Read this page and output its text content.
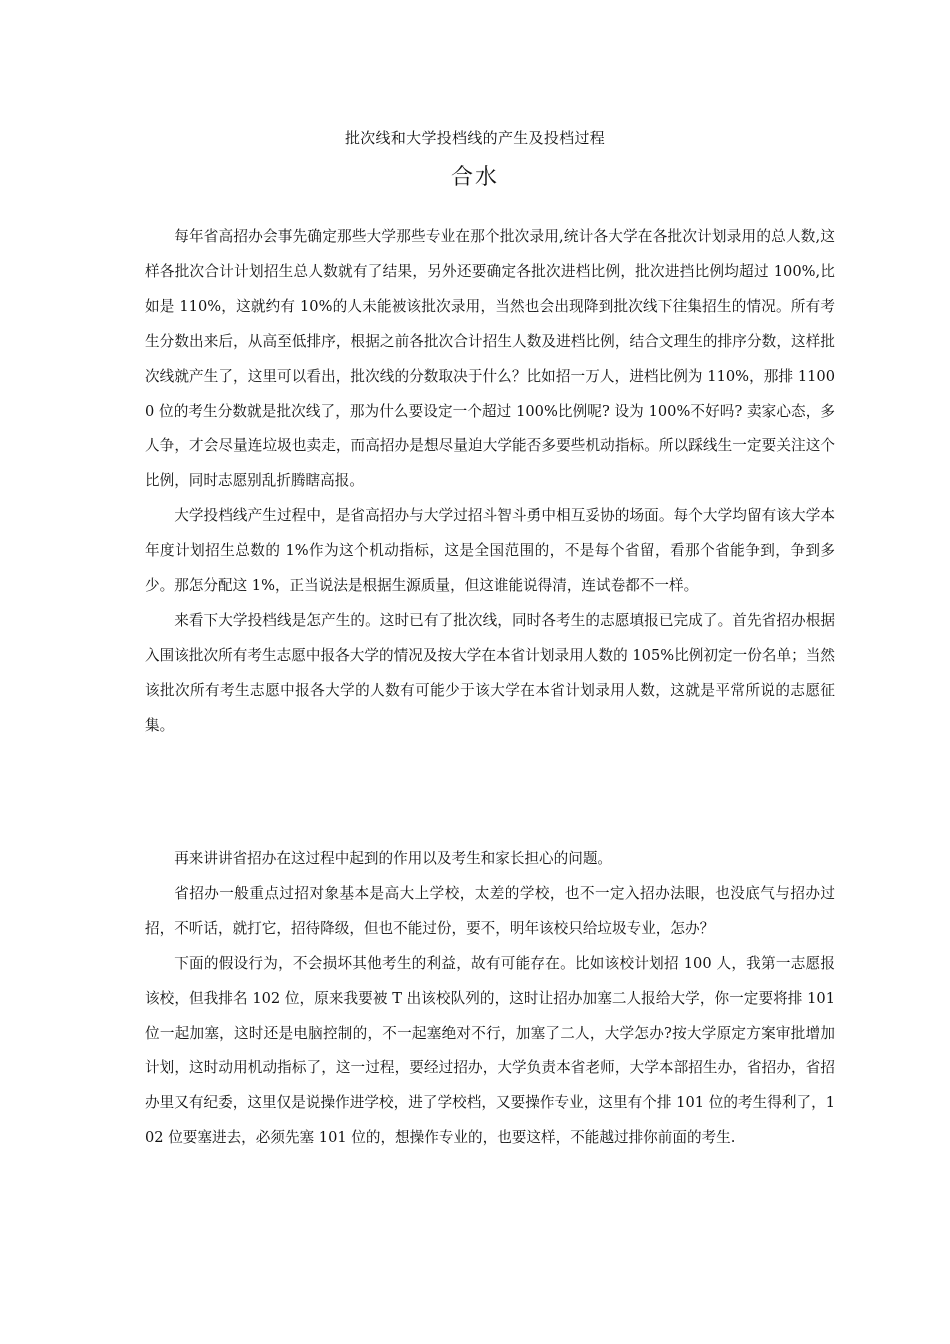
批次线和大学投档线的产生及投档过程
合水

每年省高招办会事先确定那些大学那些专业在那个批次录用,统计各大学在各批次计划录用的总人数,这样各批次合计计划招生总人数就有了结果，另外还要确定各批次进档比例，批次进挡比例均超过 100%,比如是 110%，这就约有 10%的人未能被该批次录用，当然也会出现降到批次线下往集招生的情况。所有考生分数出来后，从高至低排序，根据之前各批次合计招生人数及进档比例，结合文理生的排序分数，这样批次线就产生了，这里可以看出，批次线的分数取决于什么？比如招一万人，进档比例为 110%，那排 11000 位的考生分数就是批次线了，那为什么要设定一个超过 100%比例呢? 设为 100%不好吗? 卖家心态，多人争，才会尽量连垃圾也卖走，而高招办是想尽量迫大学能否多要些机动指标。所以踩线生一定要关注这个比例，同时志愿别乱折腾瞎高报。

大学投档线产生过程中，是省高招办与大学过招斗智斗勇中相互妥协的场面。每个大学均留有该大学本年度计划招生总数的 1%作为这个机动指标，这是全国范围的，不是每个省留，看那个省能争到，争到多少。那怎分配这 1%，正当说法是根据生源质量，但这谁能说得清，连试卷都不一样。

来看下大学投档线是怎产生的。这时已有了批次线，同时各考生的志愿填报已完成了。首先省招办根据入围该批次所有考生志愿中报各大学的情况及按大学在本省计划录用人数的 105%比例初定一份名单；当然该批次所有考生志愿中报各大学的人数有可能少于该大学在本省计划录用人数，这就是平常所说的志愿征集。

再来讲讲省招办在这过程中起到的作用以及考生和家长担心的问题。

省招办一般重点过招对象基本是高大上学校，太差的学校，也不一定入招办法眼，也没底气与招办过招，不听话，就打它，招待降级，但也不能过份，要不，明年该校只给垃圾专业，怎办？

下面的假设行为，不会损坏其他考生的利益，故有可能存在。比如该校计划招 100 人，我第一志愿报该校，但我排名 102 位，原来我要被 T 出该校队列的，这时让招办加塞二人报给大学，你一定要将排 101 位一起加塞，这时还是电脑控制的，不一起塞绝对不行，加塞了二人，大学怎办?按大学原定方案审批增加计划，这时动用机动指标了，这一过程，要经过招办，大学负责本省老师，大学本部招生办，省招办，省招办里又有纪委，这里仅是说操作进学校，进了学校档，又要操作专业，这里有个排 101 位的考生得利了，102 位要塞进去，必须先塞 101 位的，想操作专业的，也要这样，不能越过排你前面的考生.
